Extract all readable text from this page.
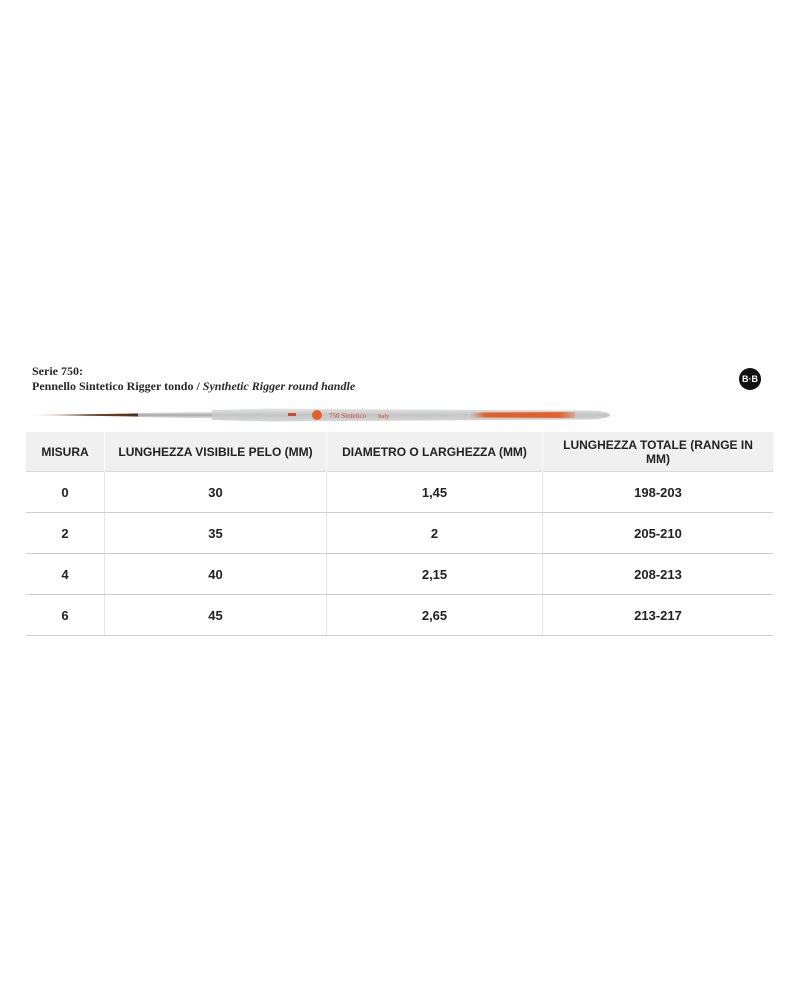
Serie 750:
Pennello Sintetico Rigger tondo / Synthetic Rigger round handle	B·B
750 Sintetico Italy
MISURA	LUNGHEZZA VISIBILE PELO (MM)	DIAMETRO O LARGHEZZA (MM)	LUNGHEZZA TOTALE (RANGE IN MM)
0	30	1,45	198-203
2	35	2	205-210
4	40	2,15	208-213
6	45	2,65	213-217
